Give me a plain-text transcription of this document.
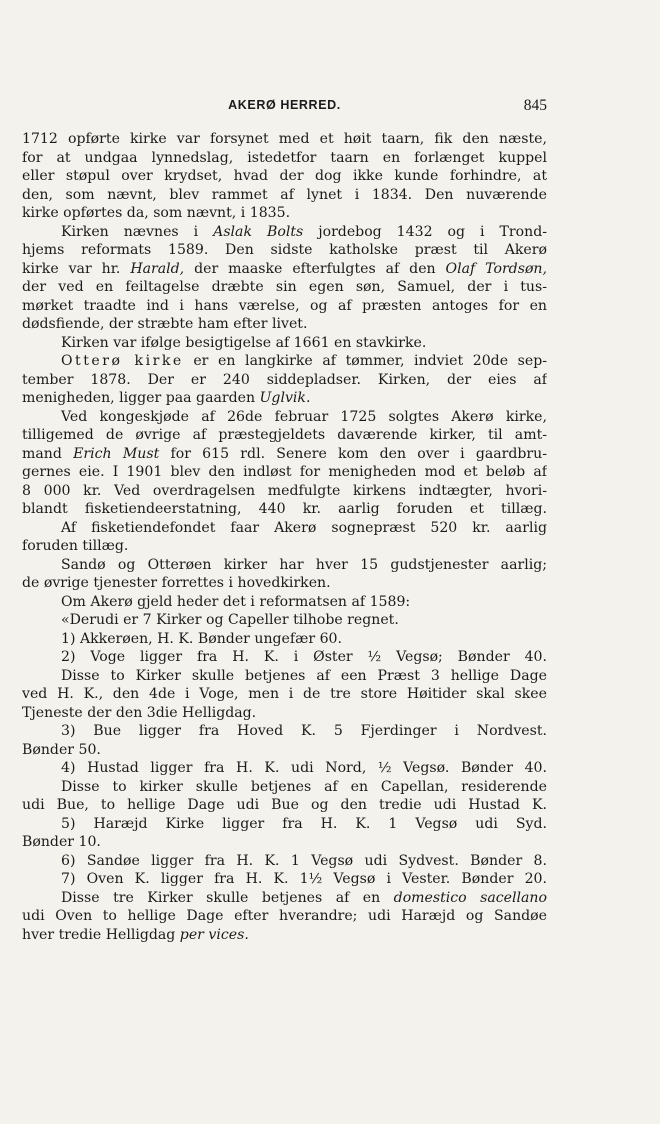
AKERØ HERRED.	845
1712 opførte kirke var forsynet med et høit taarn, fik den næste,
for at undgaa lynnedslag, istedetfor taarn en forlænget kuppel
eller støpul over krydset, hvad der dog ikke kunde forhindre, at
den, som nævnt, blev rammet af lynet i 1834. Den nuværende
kirke opførtes da, som nævnt, i 1835.
Kirken nævnes i Aslak Bolts jordebog 1432 og i Trond-
hjems reformats 1589. Den sidste katholske præst til Akerø
kirke var hr. Harald, der maaske efterfulgtes af den Olaf Tordsøn,
der ved en feiltagelse dræbte sin egen søn, Samuel, der i tus-
mørket traadte ind i hans værelse, og af præsten antoges for en
dødsfiende, der stræbte ham efter livet.
Kirken var ifølge besigtigelse af 1661 en stavkirke.
Otterø kirke er en langkirke af tømmer, indviet 20de sep-
tember 1878. Der er 240 siddepladser. Kirken, der eies af
menigheden, ligger paa gaarden Uglvik.
Ved kongeskjøde af 26de februar 1725 solgtes Akerø kirke,
tilligemed de øvrige af præstegjeldets daværende kirker, til amt-
mand Erich Must for 615 rdl. Senere kom den over i gaardbru-
gernes eie. I 1901 blev den indløst for menigheden mod et beløb af
8 000 kr. Ved overdragelsen medfulgte kirkens indtægter, hvori-
blandt fisketiendeerstatning, 440 kr. aarlig foruden et tillæg.
Af fisketiendefondet faar Akerø sognepræst 520 kr. aarlig
foruden tillæg.
Sandø og Otterøen kirker har hver 15 gudstjenester aarlig;
de øvrige tjenester forrettes i hovedkirken.
Om Akerø gjeld heder det i reformatsen af 1589:
«Derudi er 7 Kirker og Capeller tilhobe regnet.
1) Akkerøen, H. K. Bønder ungefær 60.
2) Voge ligger fra H. K. i Øster ½ Vegsø; Bønder 40.
Disse to Kirker skulle betjenes af een Præst 3 hellige Dage
ved H. K., den 4de i Voge, men i de tre store Høitider skal skee
Tjeneste der den 3die Helligdag.
3) Bue ligger fra Hoved K. 5 Fjerdinger i Nordvest.
Bønder 50.
4) Hustad ligger fra H. K. udi Nord, ½ Vegsø. Bønder 40.
Disse to kirker skulle betjenes af en Capellan, residerende
udi Bue, to hellige Dage udi Bue og den tredie udi Hustad K.
5) Haræjd Kirke ligger fra H. K. 1 Vegsø udi Syd.
Bønder 10.
6) Sandøe ligger fra H. K. 1 Vegsø udi Sydvest. Bønder 8.
7) Oven K. ligger fra H. K. 1½ Vegsø i Vester. Bønder 20.
Disse tre Kirker skulle betjenes af en domestico sacellano
udi Oven to hellige Dage efter hverandre; udi Haræjd og Sandøe
hver tredie Helligdag per vices.
